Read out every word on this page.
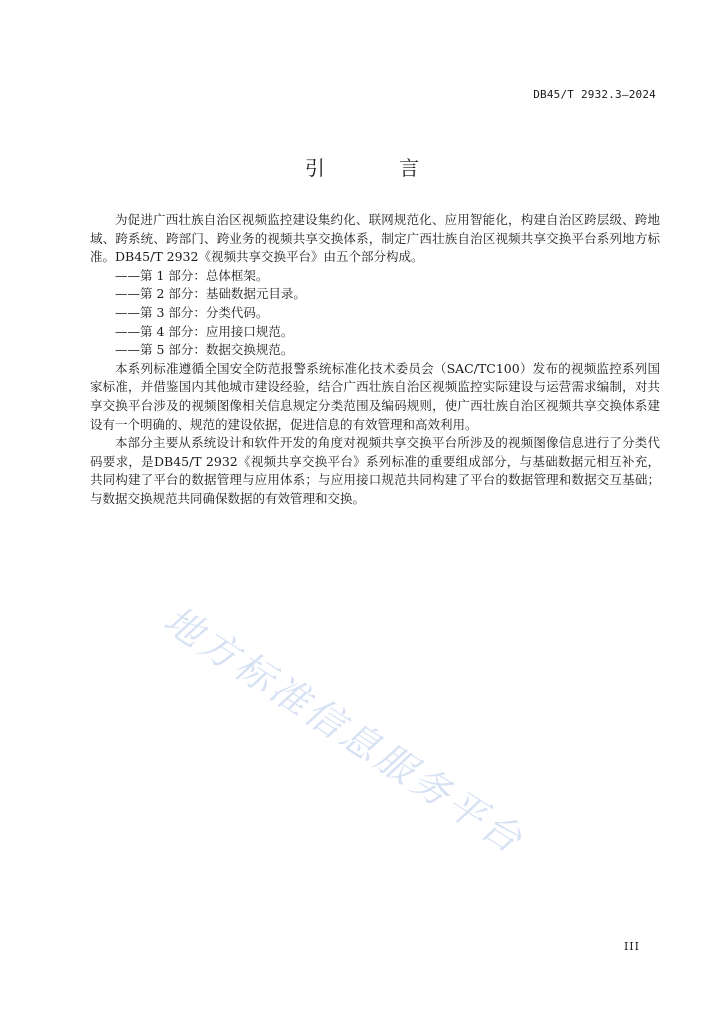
DB45/T 2932.3—2024
引 言

为促进广西壮族自治区视频监控建设集约化、联网规范化、应用智能化，构建自治区跨层级、跨地域、跨系统、跨部门、跨业务的视频共享交换体系，制定广西壮族自治区视频共享交换平台系列地方标准。DB45/T 2932《视频共享交换平台》由五个部分构成。

——第 1 部分：总体框架。
——第 2 部分：基础数据元目录。
——第 3 部分：分类代码。
——第 4 部分：应用接口规范。
——第 5 部分：数据交换规范。

本系列标准遵循全国安全防范报警系统标准化技术委员会（SAC/TC100）发布的视频监控系列国家标准，并借鉴国内其他城市建设经验，结合广西壮族自治区视频监控实际建设与运营需求编制，对共享交换平台涉及的视频图像相关信息规定分类范围及编码规则，使广西壮族自治区视频共享交换体系建设有一个明确的、规范的建设依据，促进信息的有效管理和高效利用。

本部分主要从系统设计和软件开发的角度对视频共享交换平台所涉及的视频图像信息进行了分类代码要求，是DB45/T 2932《视频共享交换平台》系列标准的重要组成部分，与基础数据元相互补充，共同构建了平台的数据管理与应用体系；与应用接口规范共同构建了平台的数据管理和数据交互基础；与数据交换规范共同确保数据的有效管理和交换。

地方标准信息服务平台
III
